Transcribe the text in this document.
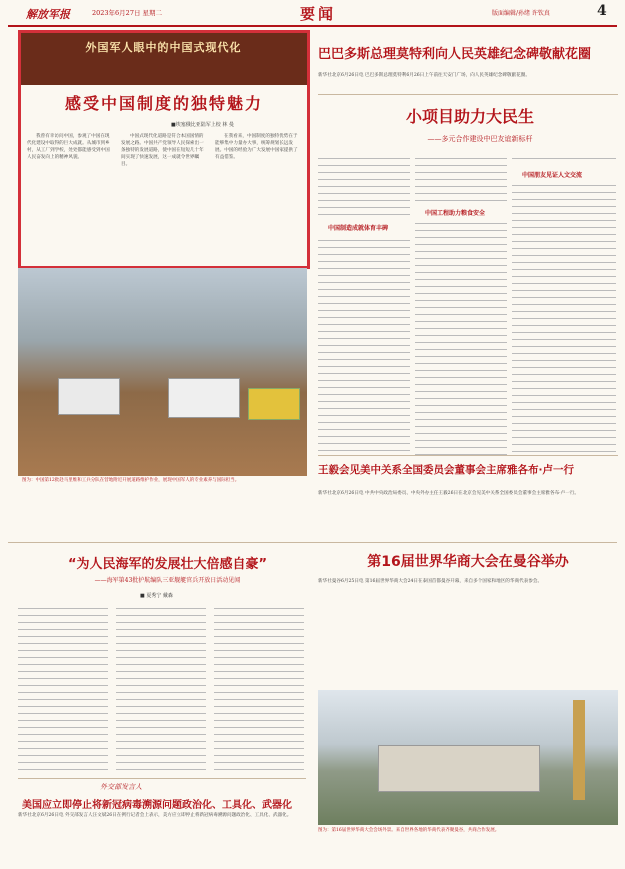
解放军报	2023年6月27日 星期二	要闻	版面编辑/孙绪 许钦真	4
外国军人眼中的中国式现代化
感受中国制度的独特魅力
■埃塞俄比亚陆军上校 林 曼

我曾有幸访问中国，参观了中国在现代化建设中取得的巨大成就。从城市到乡村，从工厂到学校，处处都能感受到中国人民奋发向上的精神风貌。

中国式现代化道路是符合本国国情的发展之路。中国共产党领导人民探索出一条独特的发展道路，使中国在短短几十年间实现了快速发展，这一成就令世界瞩目。

在我看来，中国制度的独特优势在于能够集中力量办大事，统筹规划长远发展。中国的经验为广大发展中国家提供了有益借鉴。

图为：中国第12批赴马里维和工兵分队在营地附近开展道路维护作业，展现中国军人的专业素养与国际担当。
巴巴多斯总理莫特利向人民英雄纪念碑敬献花圈
新华社北京6月26日电 巴巴多斯总理莫特利6月26日上午前往天安门广场，向人民英雄纪念碑敬献花圈。
小项目助力大民生
——多元合作建设中巴友谊新标杆
中国制造成就体育丰碑
中国工程助力粮食安全
中国朋友见证人文交流
王毅会见美中关系全国委员会董事会主席雅各布·卢一行
新华社北京6月26日电 中共中央政治局委员、中央外办主任王毅26日在北京会见美中关系全国委员会董事会主席雅各布·卢一行。
“为人民海军的发展壮大倍感自豪”
——海军第43批护航编队三亚舰艇官兵开放日活动见闻
■ 夏秀宁 戴森
第16届世界华商大会在曼谷举办
新华社曼谷6月25日电 第16届世界华商大会24日在泰国首都曼谷开幕，来自多个国家和地区的华商代表参会。
图为：第16届世界华商大会会场外景。来自世界各地的华商代表齐聚曼谷，共商合作发展。
外交部发言人
美国应立即停止将新冠病毒溯源问题政治化、工具化、武器化
新华社北京6月26日电 外交部发言人汪文斌26日在例行记者会上表示，美方应立即停止将新冠病毒溯源问题政治化、工具化、武器化。
